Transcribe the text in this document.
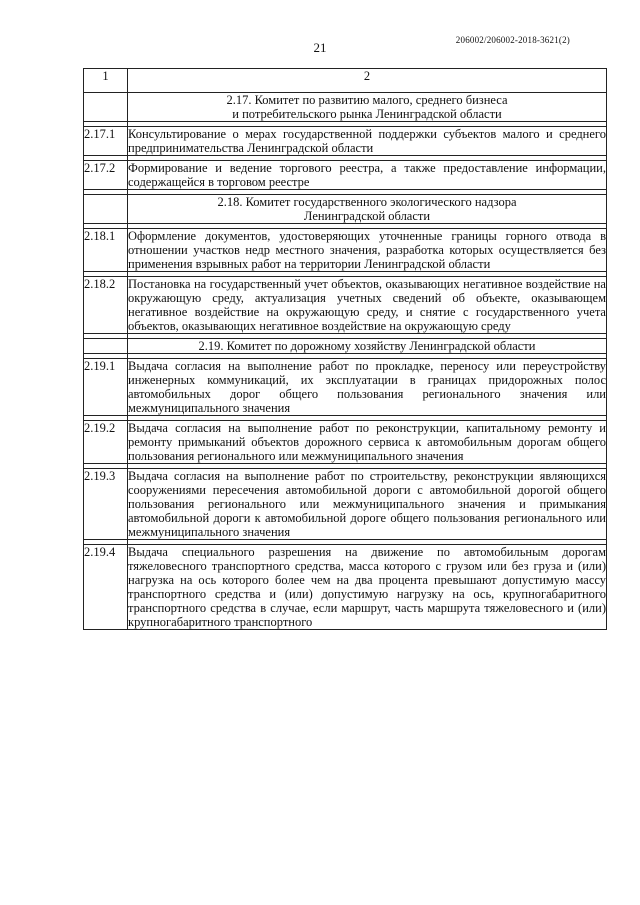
206002/206002-2018-3621(2)
21
1	2
	2.17. Комитет по развитию малого, среднего бизнеса
и потребительского рынка Ленинградской области

2.17.1	Консультирование о мерах государственной поддержки субъектов малого и среднего предпринимательства Ленинградской области

2.17.2	Формирование и ведение торгового реестра, а также предоставление информации, содержащейся в торговом реестре

	2.18. Комитет государственного экологического надзора
Ленинградской области

2.18.1	Оформление документов, удостоверяющих уточненные границы горного отвода в отношении участков недр местного значения, разработка которых осуществляется без применения взрывных работ на территории Ленинградской области

2.18.2	Постановка на государственный учет объектов, оказывающих негативное воздействие на окружающую среду, актуализация учетных сведений об объекте, оказывающем негативное воздействие на окружающую среду, и снятие с государственного учета объектов, оказывающих негативное воздействие на окружающую среду

	2.19. Комитет по дорожному хозяйству Ленинградской области

2.19.1	Выдача согласия на выполнение работ по прокладке, переносу или переустройству инженерных коммуникаций, их эксплуатации в границах придорожных полос автомобильных дорог общего пользования регионального значения или межмуниципального значения

2.19.2	Выдача согласия на выполнение работ по реконструкции, капитальному ремонту и ремонту примыканий объектов дорожного сервиса к автомобильным дорогам общего пользования регионального или межмуниципального значения

2.19.3	Выдача согласия на выполнение работ по строительству, реконструкции являющихся сооружениями пересечения автомобильной дороги с автомобильной дорогой общего пользования регионального или межмуниципального значения и примыкания автомобильной дороги к автомобильной дороге общего пользования регионального или межмуниципального значения

2.19.4	Выдача специального разрешения на движение по автомобильным дорогам тяжеловесного транспортного средства, масса которого с грузом или без груза и (или) нагрузка на ось которого более чем на два процента превышают допустимую массу транспортного средства и (или) допустимую нагрузку на ось, крупногабаритного транспортного средства в случае, если маршрут, часть маршрута тяжеловесного и (или) крупногабаритного транспортного
